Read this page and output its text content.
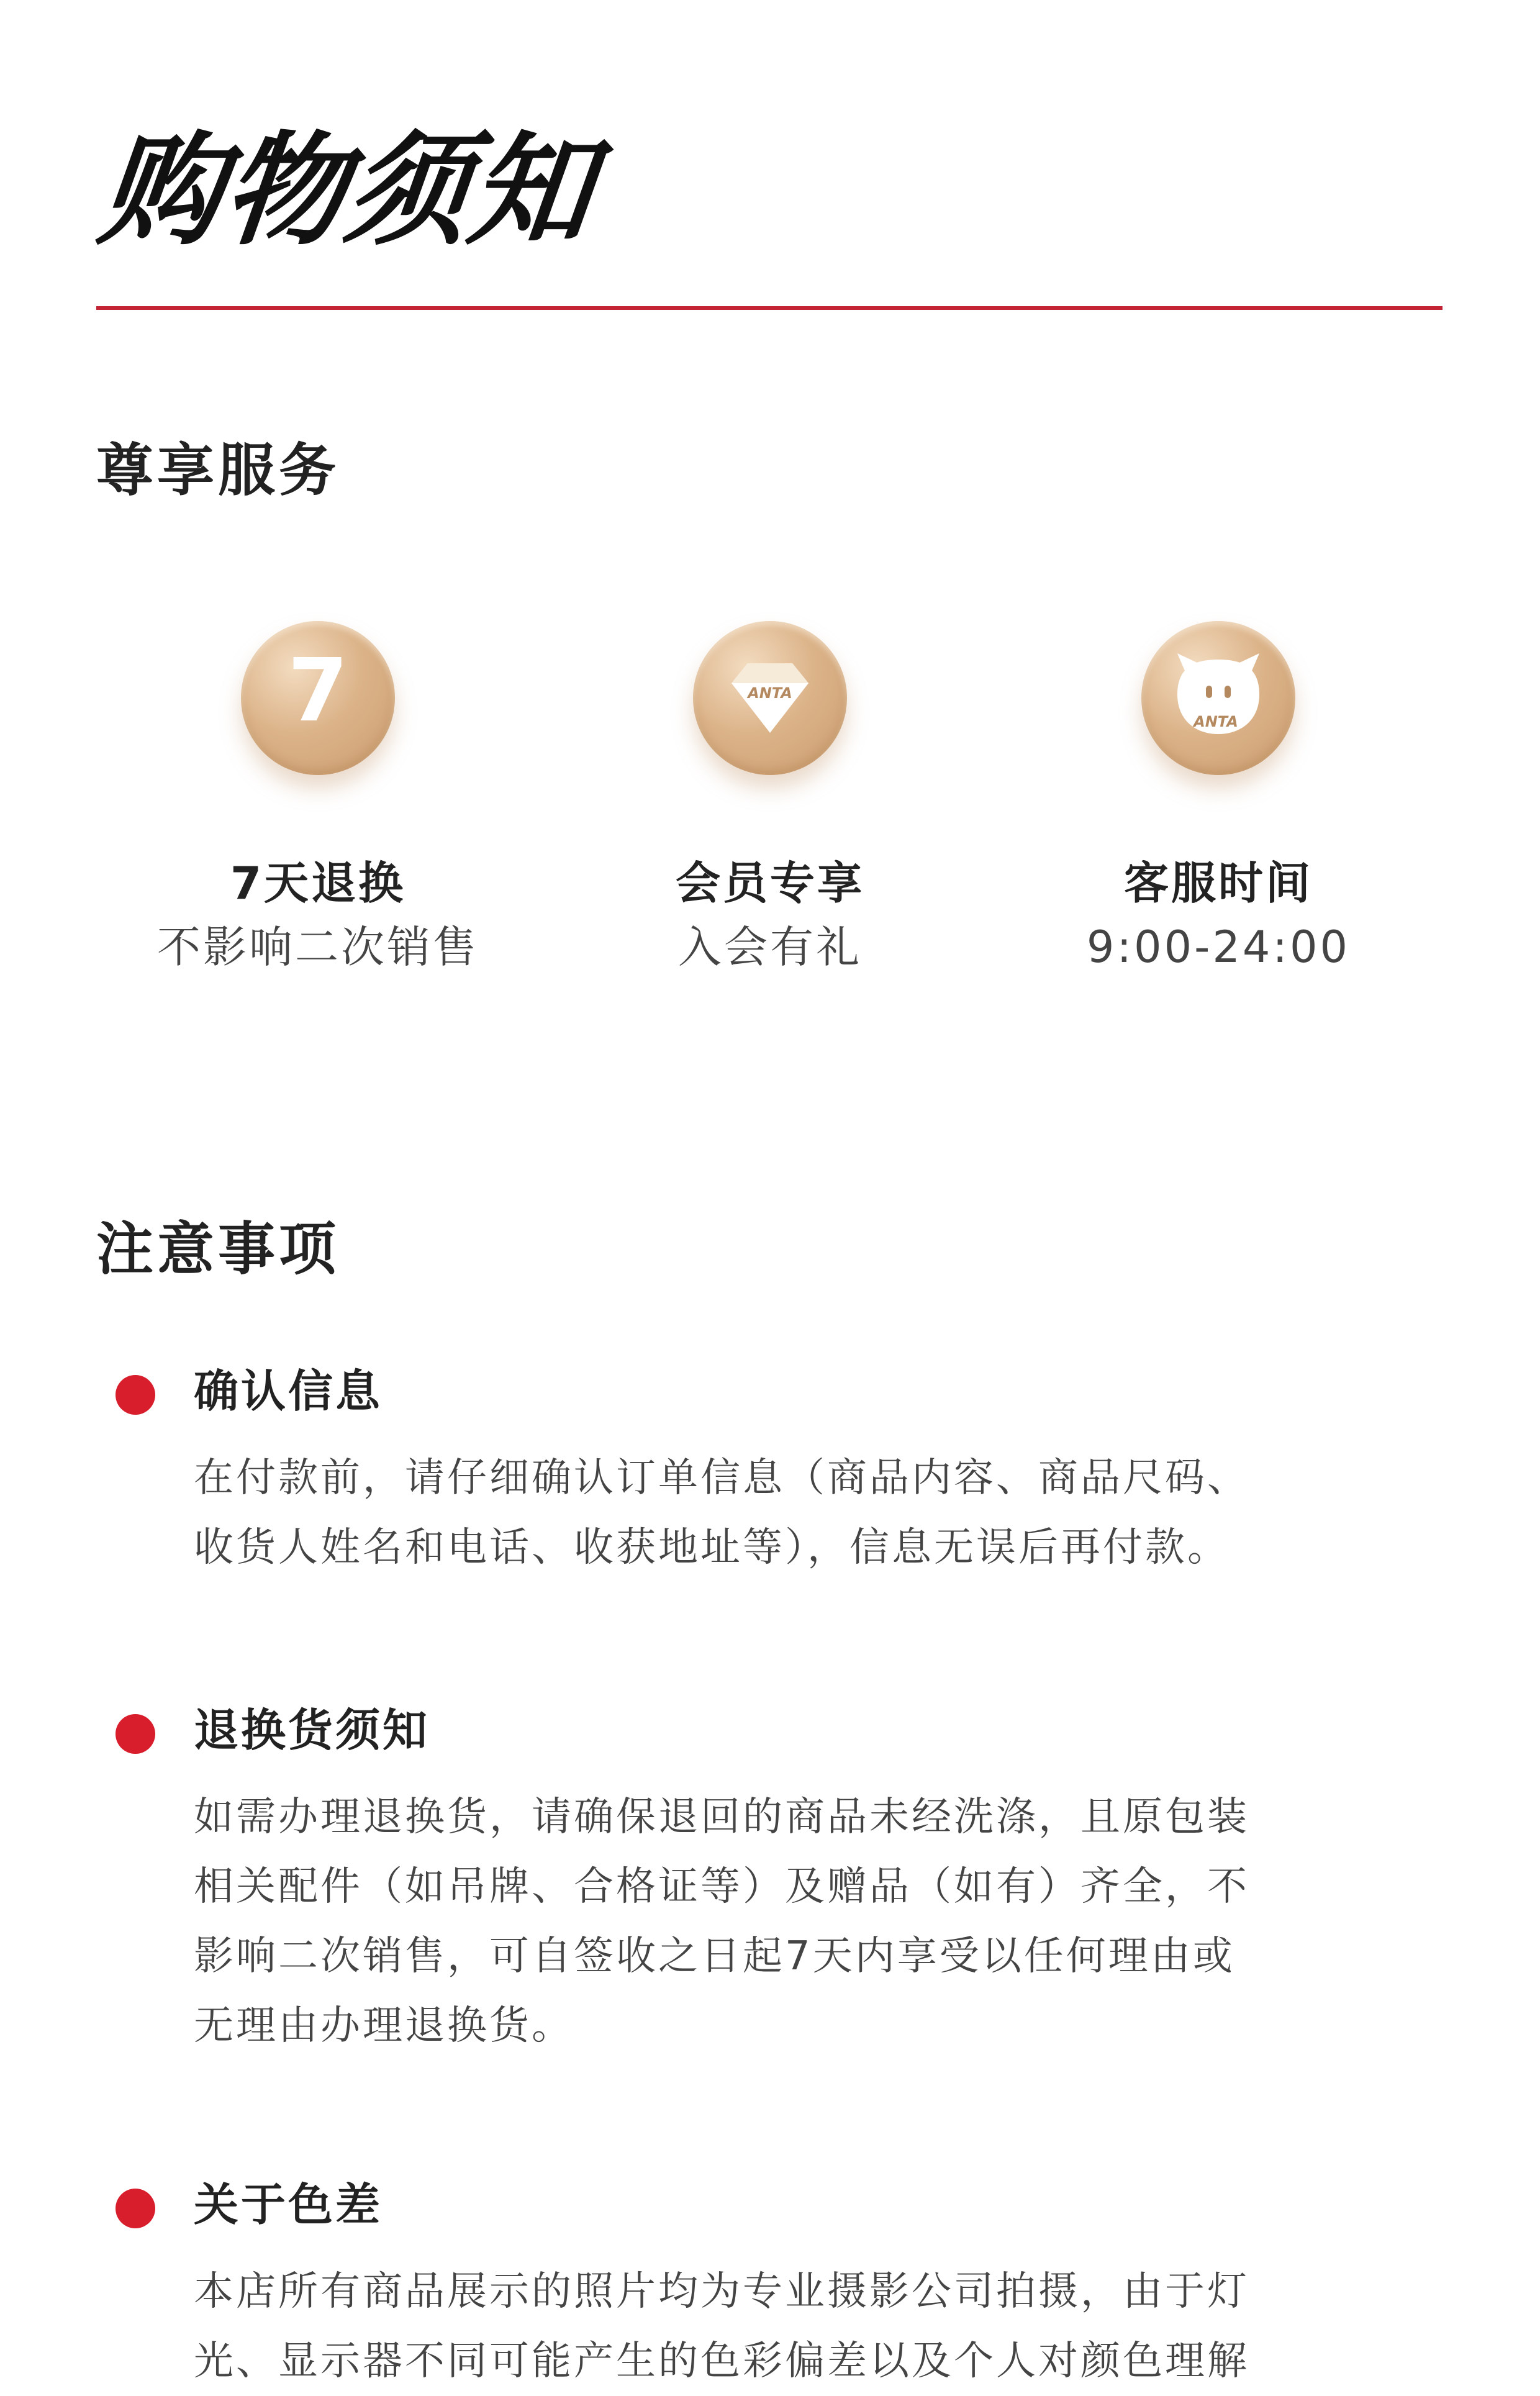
购物须知
尊享服务
7
7天退换
不影响二次销售
ANTA
会员专享
入会有礼
ANTA
客服时间
9:00-24:00
注意事项
确认信息
在付款前，请仔细确认订单信息（商品内容、商品尺码、
收货人姓名和电话、收获地址等），信息无误后再付款。
退换货须知
如需办理退换货，请确保退回的商品未经洗涤，且原包装
相关配件（如吊牌、合格证等）及赠品（如有）齐全，不
影响二次销售，可自签收之日起7天内享受以任何理由或
无理由办理退换货。
关于色差
本店所有商品展示的照片均为专业摄影公司拍摄，由于灯
光、显示器不同可能产生的色彩偏差以及个人对颜色理解
